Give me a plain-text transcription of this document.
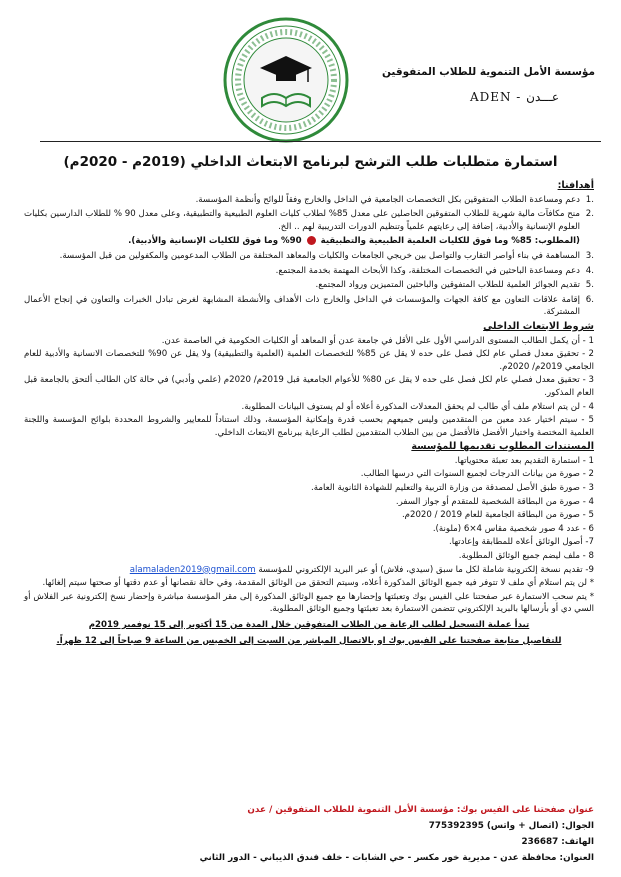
مؤسسة الأمل التنموية للطلاب المتفوقين
ADEN - عـــدن
استمارة متطلبات طلب الترشح لبرنامج الابتعاث الداخلي (2019م - 2020م)
أهدافنا:
.1
دعم ومساعدة الطلاب المتفوقين بكل التخصصات الجامعية في الداخل والخارج وفقاً للوائح وأنظمة المؤسسة.
.2
منح مكافآت مالية شهرية للطلاب المتفوقين الحاصلين على معدل 85% لطلاب كليات العلوم الطبيعية والتطبيقية، وعلى معدل 90 % للطلاب الدارسين بكليات العلوم الإنسانية والأدبية، إضافة إلى رعايتهم علمياً وتنظيم الدورات التدريبية لهم .. الخ.
(المطلوب: 85% وما فوق للكليات العلمية الطبيعية والتطبيقية  90% وما فوق للكليات الإنسانية والأدبية).
.3
المساهمة في بناء أواصر التقارب والتواصل بين خريجي الجامعات والكليات والمعاهد المختلفة من الطلاب المدعومين والمكفولين من قبل المؤسسة.
.4
دعم ومساعدة الباحثين في التخصصات المختلفة، وكذا الأبحاث المهتمة بخدمة المجتمع.
.5
تقديم الجوائز العلمية للطلاب المتفوقين والباحثين المتميزين ورواد المجتمع.
.6
إقامة علاقات التعاون مع كافة الجهات والمؤسسات في الداخل والخارج ذات الأهداف والأنشطة المشابهة لغرض تبادل الخبرات والتعاون في إنجاح الأعمال المشتركة.
شروط الابتعاث الداخلي
1 - أن يكمل الطالب المستوى الدراسي الأول على الأقل في جامعة عدن أو المعاهد أو الكليات الحكومية في العاصمة عدن.
2 - تحقيق معدل فصلي عام لكل فصل على حده لا يقل عن 85% للتخصصات العلمية (العلمية والتطبيقية) ولا يقل عن 90% للتخصصات الانسانية والأدبية للعام الجامعي 2019م/ 2020م.
3 - تحقيق معدل فصلي عام لكل فصل على حده لا يقل عن 80% للأعوام الجامعية قبل 2019م/ 2020م (علمي وأدبي) في حالة كان الطالب ألتحق بالجامعة قبل العام المذكور.
4 - لن يتم استلام ملف أي طالب لم يحقق المعدلات المذكورة أعلاه أو لم يستوف البيانات المطلوبة.
5 - سيتم اختيار عدد معين من المتقدمين وليس جميعهم بحسب قدرة وإمكانية المؤسسة، وذلك استناداً للمعايير والشروط المحددة بلوائح المؤسسة واللجنة العلمية المختصة واختيار الأفضل فالأفضل من بين الطلاب المتقدمين لطلب الرعاية ببرنامج الابتعاث الداخلي.
المستندات المطلوب تقديمها للمؤسسة
1 - استمارة التقديم بعد تعبئة محتوياتها.
2 - صورة من بيانات الدرجات لجميع السنوات التي درسها الطالب.
3 - صورة طبق الأصل لمصدقة من وزارة التربية والتعليم للشهادة الثانوية العامة.
4 - صورة من البطاقة الشخصية للمتقدم أو جواز السفر.
5 - صورة من البطاقة الجامعية للعام 2019 / 2020م.
6 - عدد 4 صور شخصية مقاس 4×6 (ملونة).
7- أصول الوثائق أعلاه للمطابقة وإعادتها.
8 - ملف ليضم جميع الوثائق المطلوبة.
9- تقديم نسخة إلكترونية شاملة لكل ما سبق (سيدي، فلاش) أو عبر البريد الإلكتروني للمؤسسة alamaladen2019@gmail.com
* لن يتم استلام أي ملف لا تتوفر فيه جميع الوثائق المذكورة أعلاه، وسيتم التحقق من الوثائق المقدمة، وفي حالة نقصانها أو عدم دقتها أو صحتها سيتم إلغائها.
* يتم سحب الاستمارة عبر صفحتنا على الفيس بوك وتعبئتها وإحضارها مع جميع الوثائق المذكورة إلى مقر المؤسسة مباشرة وإحضار نسخ إلكترونية عبر الفلاش أو السي دي أو بأرسالها بالبريد الإلكتروني تتضمن الاستمارة بعد تعبئتها وجميع الوثائق المطلوبة.
تبدأ عملية التسجيل لطلب الرعاية من الطلاب المتفوقين خلال المدة من 15 أكتوبر إلى 15 نوفمبر 2019م
للتفاصيل متابعة صفحتنا على الفيس بوك او بالاتصال المباشر من السبت إلى الخميس من الساعة 9 صباحاً إلى 12 ظهراً.
عنوان صفحتنا على الفيس بوك: مؤسسة الأمل التنموية للطلاب المتفوقين / عدن
الجوال: (اتصال + واتس) 775392395
الهاتف: 236687
العنوان: محافظة عدن - مديرية خور مكسر - حي الشابات - خلف فندق الذيباني - الدور الثاني
